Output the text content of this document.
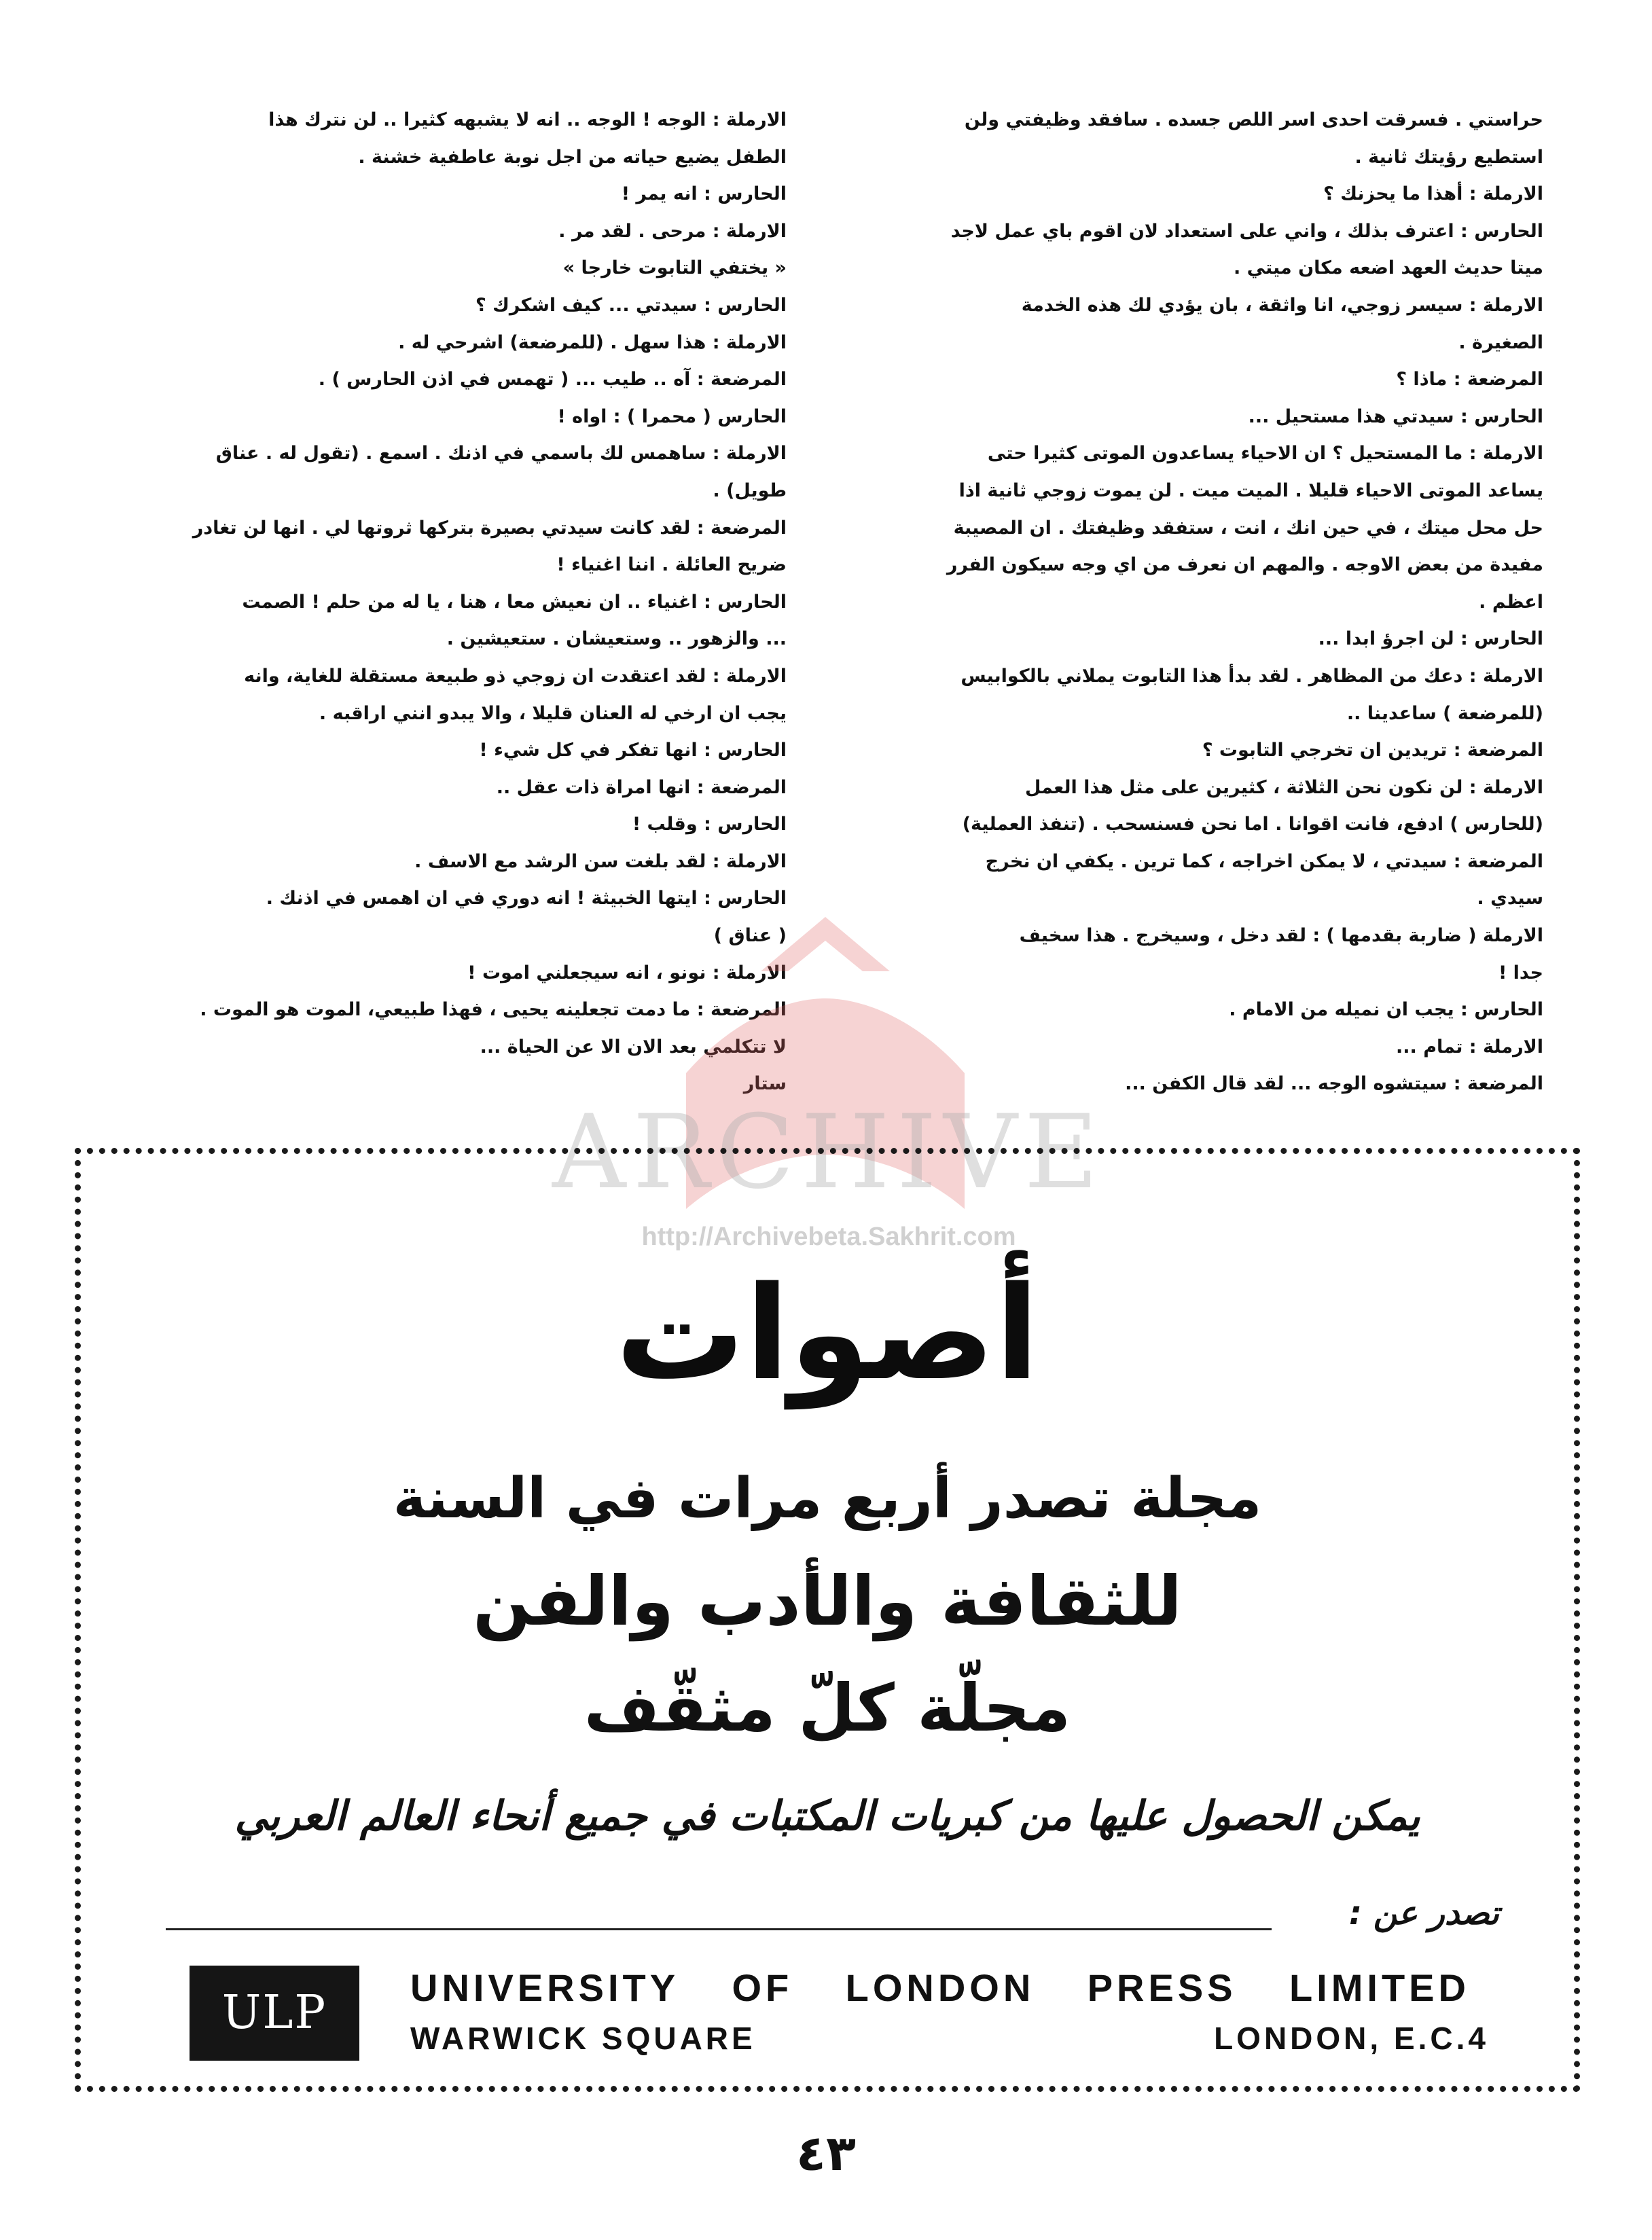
حراستي . فسرقت احدى اسر اللص جسده . سافقد وظيفتي ولن
استطيع رؤيتك ثانية .
الارملة : أهذا ما يحزنك ؟
الحارس : اعترف بذلك ، واني على استعداد لان اقوم باي عمل لاجد
ميتا حديث العهد اضعه مكان ميتي .
الارملة : سيسر زوجي، انا واثقة ، بان يؤدي لك هذه الخدمة
الصغيرة .
المرضعة : ماذا ؟
الحارس : سيدتي هذا مستحيل ...
الارملة : ما المستحيل ؟ ان الاحياء يساعدون الموتى كثيرا حتى
يساعد الموتى الاحياء قليلا . الميت ميت . لن يموت زوجي ثانية اذا
حل محل ميتك ، في حين انك ، انت ، ستفقد وظيفتك . ان المصيبة
مفيدة من بعض الاوجه . والمهم ان نعرف من اي وجه سيكون الفرر
اعظم .
الحارس : لن اجرؤ ابدا ...
الارملة : دعك من المظاهر . لقد بدأ هذا التابوت يملاني بالكوابيس
(للمرضعة ) ساعدينا ..
المرضعة : تريدين ان تخرجي التابوت ؟
الارملة : لن نكون نحن الثلاثة ، كثيرين على مثل هذا العمل
(للحارس ) ادفع، فانت اقوانا . اما نحن فسنسحب . (تنفذ العملية)
المرضعة : سيدتي ، لا يمكن اخراجه ، كما ترين . يكفي ان نخرج
سيدي .
الارملة ( ضاربة بقدمها ) : لقد دخل ، وسيخرج . هذا سخيف
جدا !
الحارس : يجب ان نميله من الامام .
الارملة : تمام ...
المرضعة : سيتشوه الوجه ... لقد قال الكفن ...
الارملة : الوجه ! الوجه .. انه لا يشبهه كثيرا .. لن نترك هذا
الطفل يضيع حياته من اجل نوبة عاطفية خشنة .
الحارس : انه يمر !
الارملة : مرحى . لقد مر .
« يختفي التابوت خارجا »
الحارس : سيدتي ... كيف اشكرك ؟
الارملة : هذا سهل . (للمرضعة) اشرحي له .
المرضعة : آه .. طيب ... ( تهمس في اذن الحارس ) .
الحارس ( محمرا ) : اواه !
الارملة : ساهمس لك باسمي في اذنك . اسمع . (تقول له . عناق
طويل) .
المرضعة : لقد كانت سيدتي بصيرة بتركها ثروتها لي . انها لن تغادر
ضريح العائلة . اننا اغنياء !
الحارس : اغنياء .. ان نعيش معا ، هنا ، يا له من حلم ! الصمت
... والزهور .. وستعيشان . ستعيشين .
الارملة : لقد اعتقدت ان زوجي ذو طبيعة مستقلة للغاية، وانه
يجب ان ارخي له العنان قليلا ، والا يبدو انني اراقبه .
الحارس : انها تفكر في كل شيء !
المرضعة : انها امراة ذات عقل ..
الحارس : وقلب !
الارملة : لقد بلغت سن الرشد مع الاسف .
الحارس : ايتها الخبيثة ! انه دوري في ان اهمس في اذنك .
( عناق )
الارملة : نونو ، انه سيجعلني اموت !
المرضعة : ما دمت تجعلينه يحيى ، فهذا طبيعي، الموت هو الموت .
لا تتكلمي بعد الان الا عن الحياة ...
ستار
ARCHIVE
http://Archivebeta.Sakhrit.com
أصوات
مجلة تصدر أربع مرات في السنة
للثقافة والأدب والفن
مجلّة كلّ مثقّف
يمكن الحصول عليها من كبريات المكتبات في جميع أنحاء العالم العربي
تصدر عن :
ULP	UNIVERSITY OF LONDON PRESS LIMITED
WARWICK SQUARE	LONDON, E.C.4
٤٣
